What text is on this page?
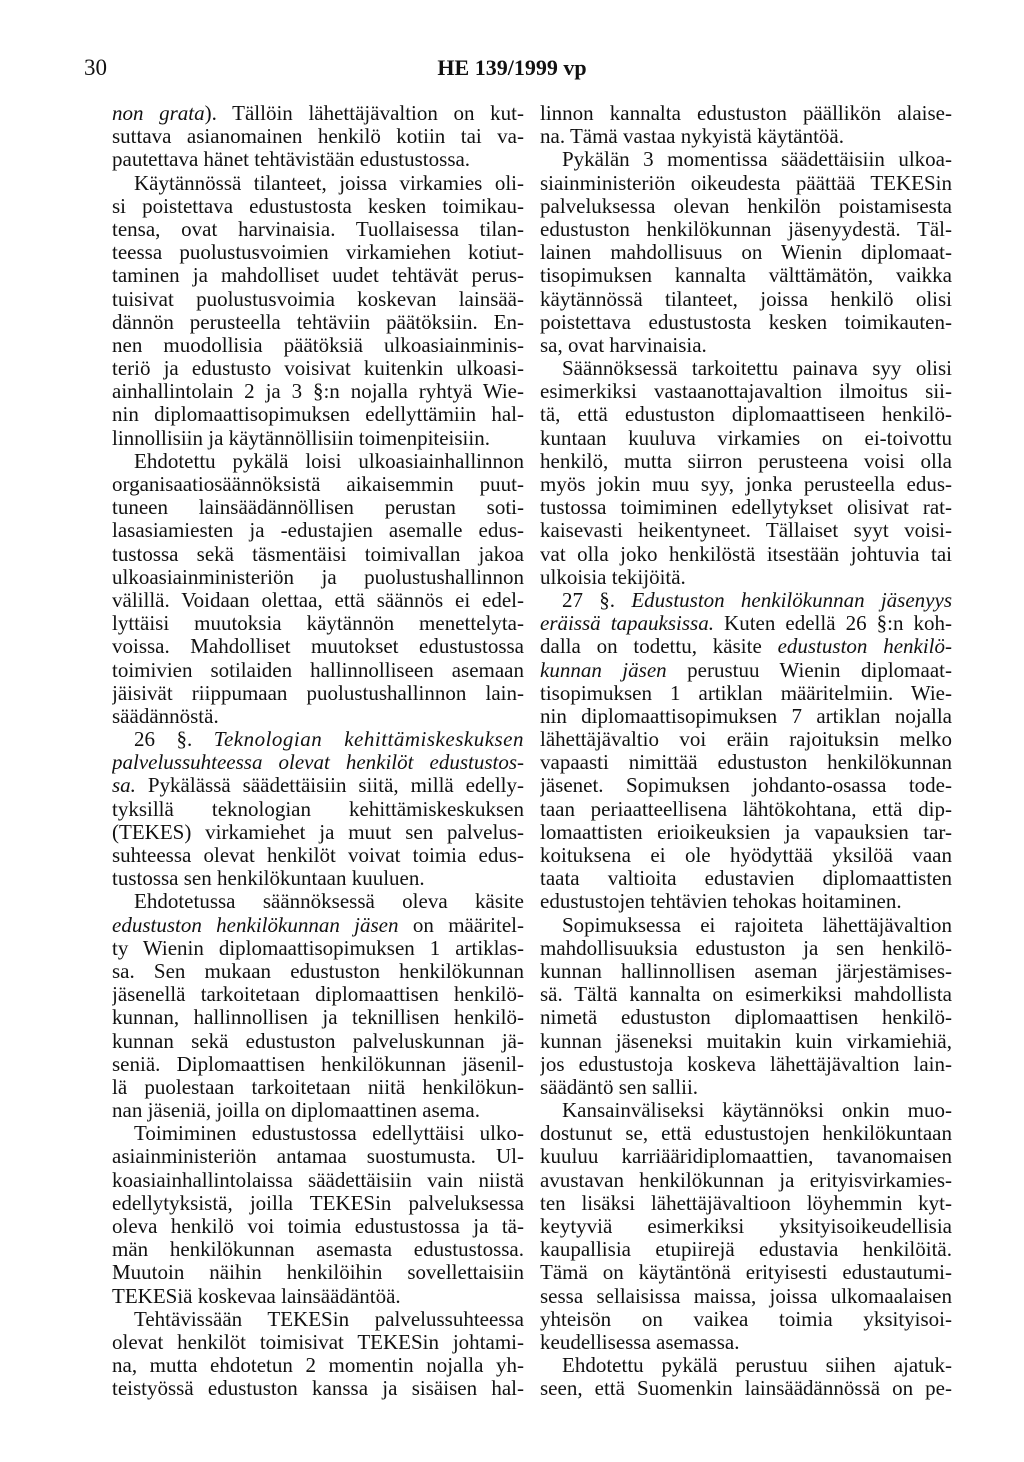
30	HE 139/1999 vp
non grata). Tällöin lähettäjävaltion on kut-
suttava asianomainen henkilö kotiin tai va-
pautettava hänet tehtävistään edustustossa.
Käytännössä tilanteet, joissa virkamies oli-
si poistettava edustustosta kesken toimikau-
tensa, ovat harvinaisia. Tuollaisessa tilan-
teessa puolustusvoimien virkamiehen kotiut-
taminen ja mahdolliset uudet tehtävät perus-
tuisivat puolustusvoimia koskevan lainsää-
dännön perusteella tehtäviin päätöksiin. En-
nen muodollisia päätöksiä ulkoasiainminis-
teriö ja edustusto voisivat kuitenkin ulkoasi-
ainhallintolain 2 ja 3 §:n nojalla ryhtyä Wie-
nin diplomaattisopimuksen edellyttämiin hal-
linnollisiin ja käytännöllisiin toimenpiteisiin.
Ehdotettu pykälä loisi ulkoasiainhallinnon
organisaatiosäännöksistä aikaisemmin puut-
tuneen lainsäädännöllisen perustan soti-
lasasiamiesten ja -edustajien asemalle edus-
tustossa sekä täsmentäisi toimivallan jakoa
ulkoasiainministeriön ja puolustushallinnon
välillä. Voidaan olettaa, että säännös ei edel-
lyttäisi muutoksia käytännön menettelyta-
voissa. Mahdolliset muutokset edustustossa
toimivien sotilaiden hallinnolliseen asemaan
jäisivät riippumaan puolustushallinnon lain-
säädännöstä.
26 §. Teknologian kehittämiskeskuksen
palvelussuhteessa olevat henkilöt edustustos-
sa. Pykälässä säädettäisiin siitä, millä edelly-
tyksillä teknologian kehittämiskeskuksen
(TEKES) virkamiehet ja muut sen palvelus-
suhteessa olevat henkilöt voivat toimia edus-
tustossa sen henkilökuntaan kuuluen.
Ehdotetussa säännöksessä oleva käsite
edustuston henkilökunnan jäsen on määritel-
ty Wienin diplomaattisopimuksen 1 artiklas-
sa. Sen mukaan edustuston henkilökunnan
jäsenellä tarkoitetaan diplomaattisen henkilö-
kunnan, hallinnollisen ja teknillisen henkilö-
kunnan sekä edustuston palveluskunnan jä-
seniä. Diplomaattisen henkilökunnan jäsenil-
lä puolestaan tarkoitetaan niitä henkilökun-
nan jäseniä, joilla on diplomaattinen asema.
Toimiminen edustustossa edellyttäisi ulko-
asiainministeriön antamaa suostumusta. Ul-
koasiainhallintolaissa säädettäisiin vain niistä
edellytyksistä, joilla TEKESin palveluksessa
oleva henkilö voi toimia edustustossa ja tä-
män henkilökunnan asemasta edustustossa.
Muutoin näihin henkilöihin sovellettaisiin
TEKESiä koskevaa lainsäädäntöä.
Tehtävissään TEKESin palvelussuhteessa
olevat henkilöt toimisivat TEKESin johtami-
na, mutta ehdotetun 2 momentin nojalla yh-
teistyössä edustuston kanssa ja sisäisen hal-
linnon kannalta edustuston päällikön alaise-
na. Tämä vastaa nykyistä käytäntöä.
Pykälän 3 momentissa säädettäisiin ulkoa-
siainministeriön oikeudesta päättää TEKESin
palveluksessa olevan henkilön poistamisesta
edustuston henkilökunnan jäsenyydestä. Täl-
lainen mahdollisuus on Wienin diplomaat-
tisopimuksen kannalta välttämätön, vaikka
käytännössä tilanteet, joissa henkilö olisi
poistettava edustustosta kesken toimikauten-
sa, ovat harvinaisia.
Säännöksessä tarkoitettu painava syy olisi
esimerkiksi vastaanottajavaltion ilmoitus sii-
tä, että edustuston diplomaattiseen henkilö-
kuntaan kuuluva virkamies on ei-toivottu
henkilö, mutta siirron perusteena voisi olla
myös jokin muu syy, jonka perusteella edus-
tustossa toimiminen edellytykset olisivat rat-
kaisevasti heikentyneet. Tällaiset syyt voisi-
vat olla joko henkilöstä itsestään johtuvia tai
ulkoisia tekijöitä.
27 §. Edustuston henkilökunnan jäsenyys
eräissä tapauksissa. Kuten edellä 26 §:n koh-
dalla on todettu, käsite edustuston henkilö-
kunnan jäsen perustuu Wienin diplomaat-
tisopimuksen 1 artiklan määritelmiin. Wie-
nin diplomaattisopimuksen 7 artiklan nojalla
lähettäjävaltio voi eräin rajoituksin melko
vapaasti nimittää edustuston henkilökunnan
jäsenet. Sopimuksen johdanto-osassa tode-
taan periaatteellisena lähtökohtana, että dip-
lomaattisten erioikeuksien ja vapauksien tar-
koituksena ei ole hyödyttää yksilöä vaan
taata valtioita edustavien diplomaattisten
edustustojen tehtävien tehokas hoitaminen.
Sopimuksessa ei rajoiteta lähettäjävaltion
mahdollisuuksia edustuston ja sen henkilö-
kunnan hallinnollisen aseman järjestämises-
sä. Tältä kannalta on esimerkiksi mahdollista
nimetä edustuston diplomaattisen henkilö-
kunnan jäseneksi muitakin kuin virkamiehiä,
jos edustustoja koskeva lähettäjävaltion lain-
säädäntö sen sallii.
Kansainväliseksi käytännöksi onkin muo-
dostunut se, että edustustojen henkilökuntaan
kuuluu karriääridiplomaattien, tavanomaisen
avustavan henkilökunnan ja erityisvirkamies-
ten lisäksi lähettäjävaltioon löyhemmin kyt-
keytyviä esimerkiksi yksityisoikeudellisia
kaupallisia etupiirejä edustavia henkilöitä.
Tämä on käytäntönä erityisesti edustautumi-
sessa sellaisissa maissa, joissa ulkomaalaisen
yhteisön on vaikea toimia yksityisoi-
keudellisessa asemassa.
Ehdotettu pykälä perustuu siihen ajatuk-
seen, että Suomenkin lainsäädännössä on pe-
